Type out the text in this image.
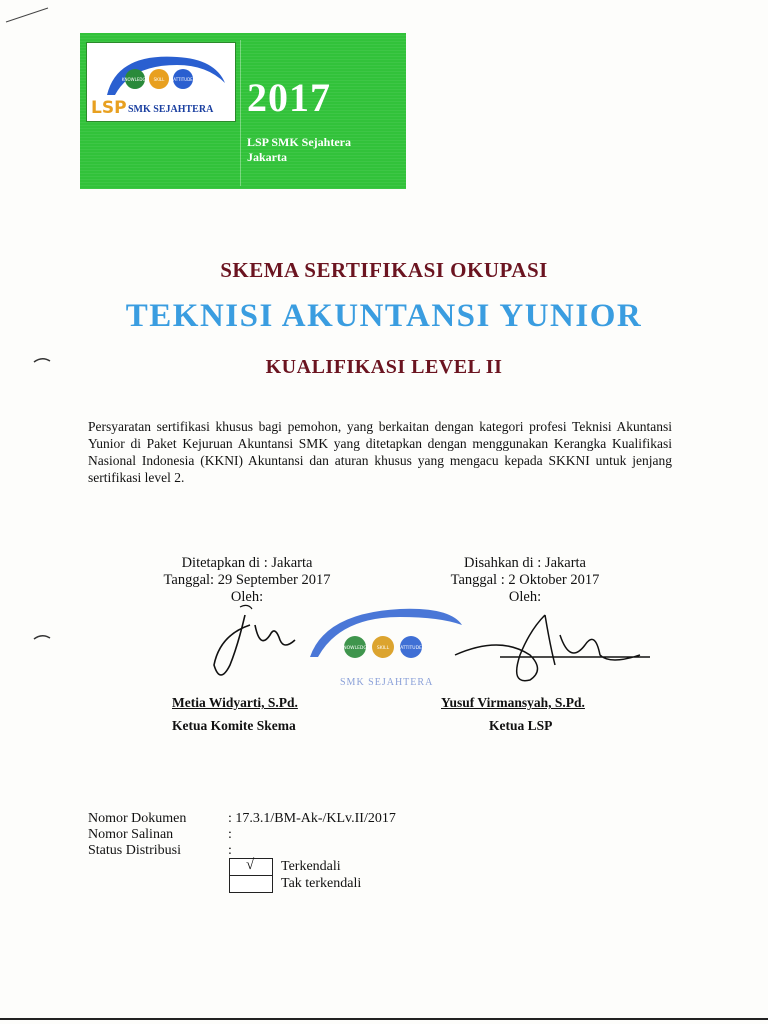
KNOWLEDGE SKILL ATTITUDE
LSP SMK SEJAHTERA 2017
LSP SMK Sejahtera
Jakarta
SKEMA SERTIFIKASI OKUPASI
TEKNISI AKUNTANSI YUNIOR
KUALIFIKASI LEVEL II
Persyaratan sertifikasi khusus bagi pemohon, yang berkaitan dengan kategori profesi Teknisi Akuntansi Yunior di Paket Kejuruan Akuntansi SMK yang ditetapkan dengan menggunakan Kerangka Kualifikasi Nasional Indonesia (KKNI) Akuntansi dan aturan khusus yang mengacu kepada SKKNI untuk jenjang sertifikasi level 2.
Ditetapkan di : Jakarta
Tanggal: 29 September 2017
Oleh:
Disahkan di : Jakarta
Tanggal : 2 Oktober 2017
Oleh:
KNOWLEDGE SKILL ATTITUDE
SMK SEJAHTERA
Metia Widyarti, S.Pd.
Ketua Komite Skema
Yusuf Virmansyah, S.Pd.
Ketua LSP
Nomor Dokumen	: 17.3.1/BM-Ak-/KLv.II/2017
Nomor Salinan	:
Status Distribusi	:
√ Terkendali
Tak terkendali
